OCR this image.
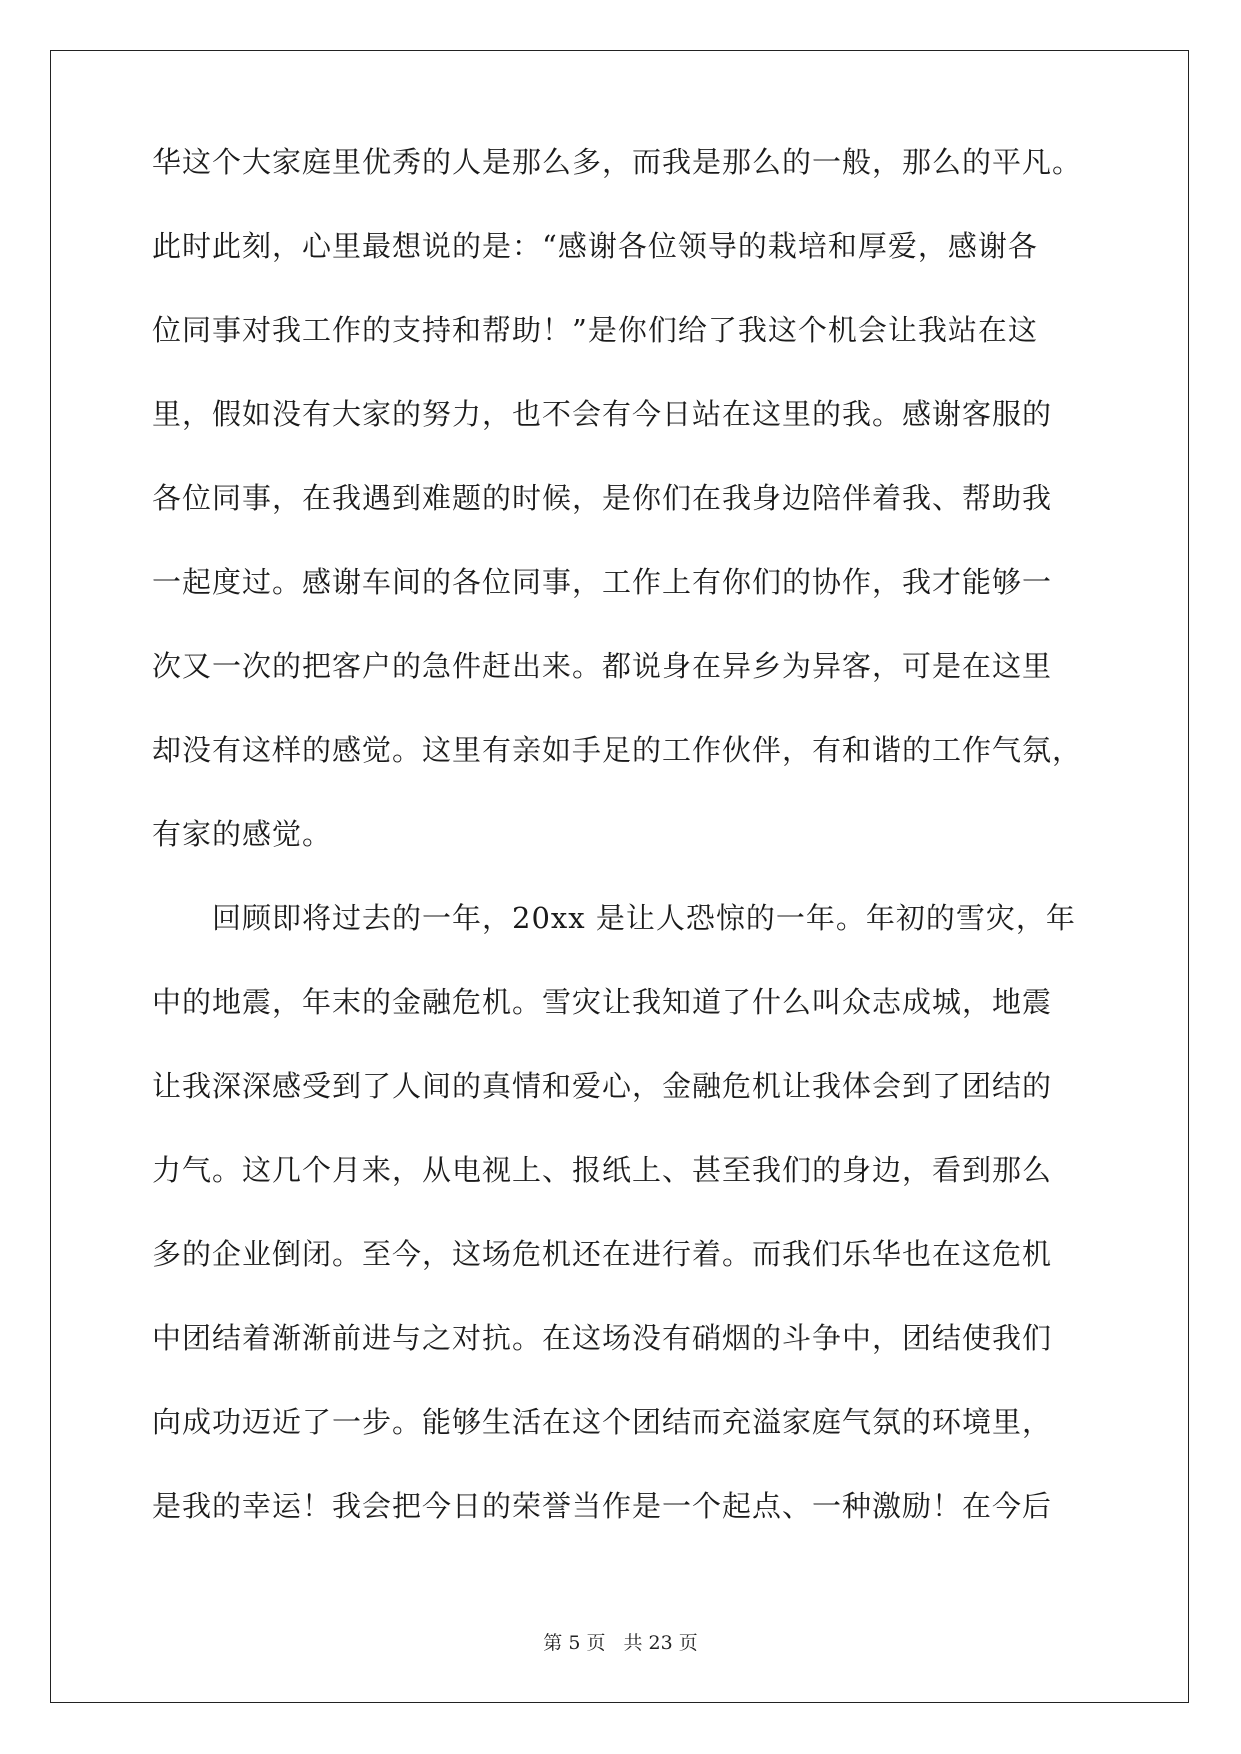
华这个大家庭里优秀的人是那么多，而我是那么的一般，那么的平凡。
此时此刻，心里最想说的是：“感谢各位领导的栽培和厚爱，感谢各
位同事对我工作的支持和帮助！”是你们给了我这个机会让我站在这
里，假如没有大家的努力，也不会有今日站在这里的我。感谢客服的
各位同事，在我遇到难题的时候，是你们在我身边陪伴着我、帮助我
一起度过。感谢车间的各位同事，工作上有你们的协作，我才能够一
次又一次的把客户的急件赶出来。都说身在异乡为异客，可是在这里
却没有这样的感觉。这里有亲如手足的工作伙伴，有和谐的工作气氛，
有家的感觉。
　　回顾即将过去的一年，20xx 是让人恐惊的一年。年初的雪灾，年
中的地震，年末的金融危机。雪灾让我知道了什么叫众志成城，地震
让我深深感受到了人间的真情和爱心，金融危机让我体会到了团结的
力气。这几个月来，从电视上、报纸上、甚至我们的身边，看到那么
多的企业倒闭。至今，这场危机还在进行着。而我们乐华也在这危机
中团结着渐渐前进与之对抗。在这场没有硝烟的斗争中，团结使我们
向成功迈近了一步。能够生活在这个团结而充溢家庭气氛的环境里，
是我的幸运！我会把今日的荣誉当作是一个起点、一种激励！在今后
第 5 页 共 23 页
